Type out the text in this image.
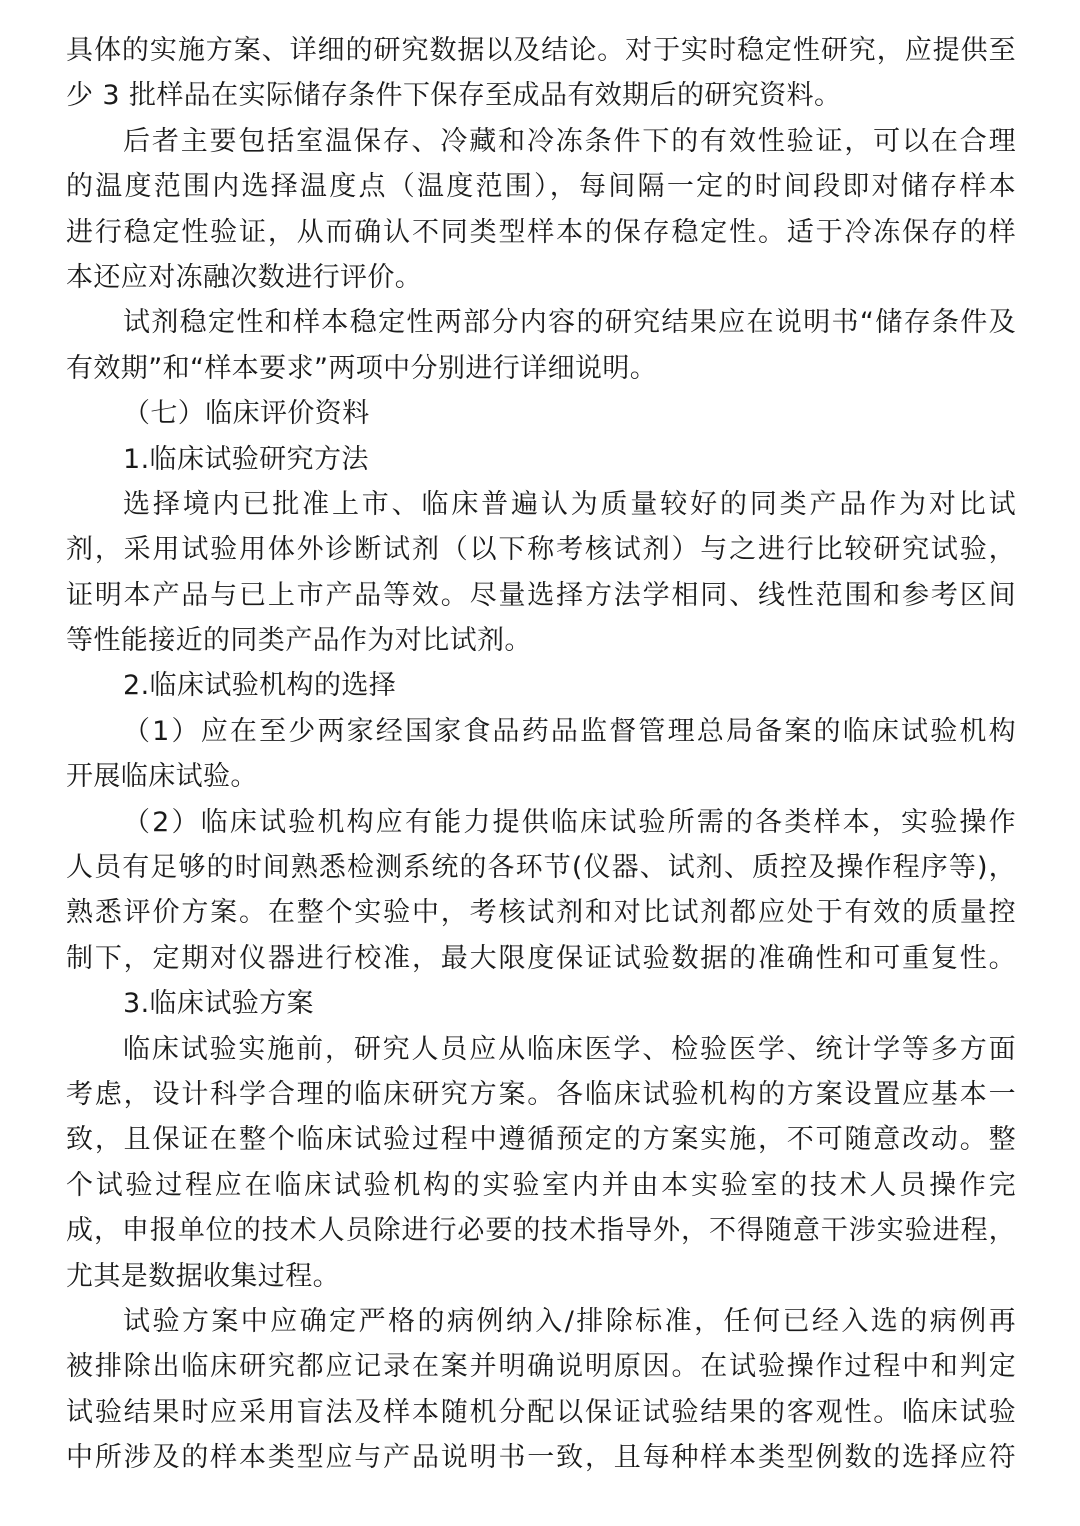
具体的实施方案、详细的研究数据以及结论。对于实时稳定性研究，应提供至
少 3 批样品在实际储存条件下保存至成品有效期后的研究资料。
后者主要包括室温保存、冷藏和冷冻条件下的有效性验证，可以在合理
的温度范围内选择温度点（温度范围），每间隔一定的时间段即对储存样本
进行稳定性验证，从而确认不同类型样本的保存稳定性。适于冷冻保存的样
本还应对冻融次数进行评价。
试剂稳定性和样本稳定性两部分内容的研究结果应在说明书“储存条件及
有效期”和“样本要求”两项中分别进行详细说明。
（七）临床评价资料
1.临床试验研究方法
选择境内已批准上市、临床普遍认为质量较好的同类产品作为对比试
剂，采用试验用体外诊断试剂（以下称考核试剂）与之进行比较研究试验，
证明本产品与已上市产品等效。尽量选择方法学相同、线性范围和参考区间
等性能接近的同类产品作为对比试剂。
2.临床试验机构的选择
（1）应在至少两家经国家食品药品监督管理总局备案的临床试验机构
开展临床试验。
（2）临床试验机构应有能力提供临床试验所需的各类样本，实验操作
人员有足够的时间熟悉检测系统的各环节(仪器、试剂、质控及操作程序等)，
熟悉评价方案。在整个实验中，考核试剂和对比试剂都应处于有效的质量控
制下，定期对仪器进行校准，最大限度保证试验数据的准确性和可重复性。
3.临床试验方案
临床试验实施前，研究人员应从临床医学、检验医学、统计学等多方面
考虑，设计科学合理的临床研究方案。各临床试验机构的方案设置应基本一
致，且保证在整个临床试验过程中遵循预定的方案实施，不可随意改动。整
个试验过程应在临床试验机构的实验室内并由本实验室的技术人员操作完
成，申报单位的技术人员除进行必要的技术指导外，不得随意干涉实验进程，
尤其是数据收集过程。
试验方案中应确定严格的病例纳入/排除标准，任何已经入选的病例再
被排除出临床研究都应记录在案并明确说明原因。在试验操作过程中和判定
试验结果时应采用盲法及样本随机分配以保证试验结果的客观性。临床试验
中所涉及的样本类型应与产品说明书一致，且每种样本类型例数的选择应符
